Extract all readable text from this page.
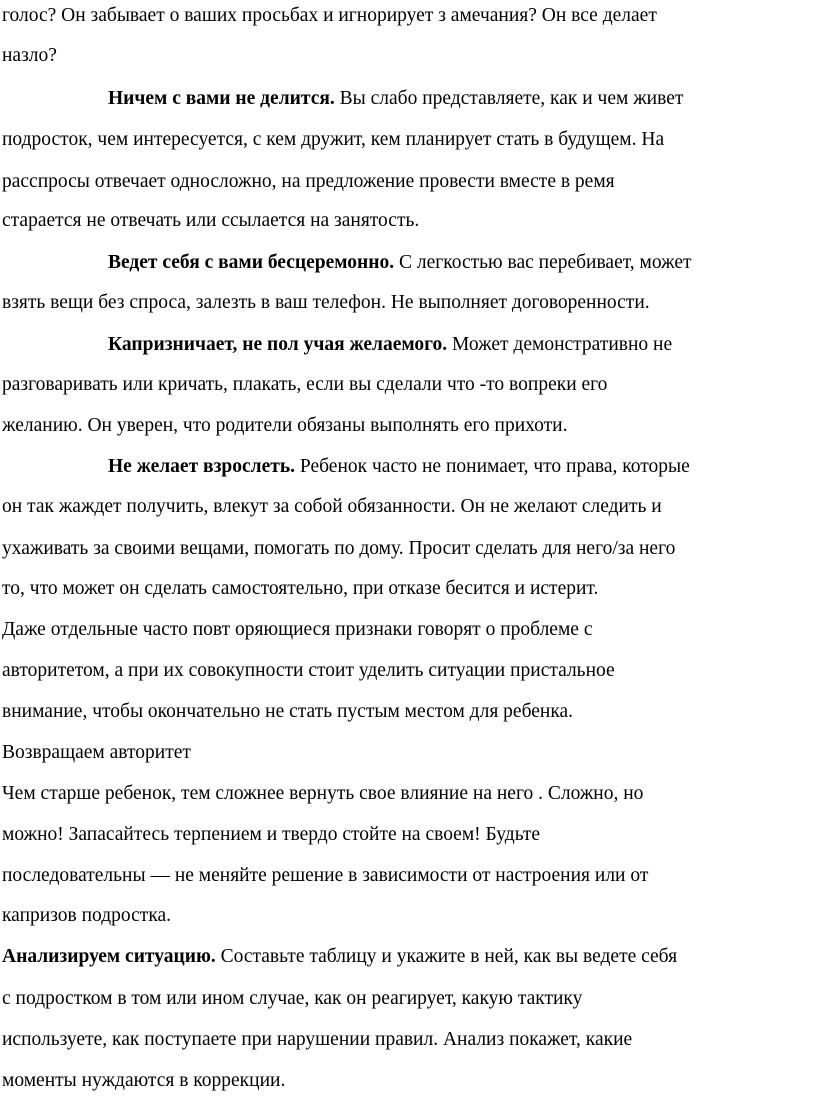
голос? Он забывает о ваших просьбах и игнорирует з амечания? Он все делает
назло?
Ничем с вами не делится. Вы слабо представляете, как и чем живет
подросток, чем интересуется, с кем дружит, кем планирует стать в будущем. На
расспросы отвечает односложно, на предложение провести вместе в ремя
старается не отвечать или ссылается на занятость.
Ведет себя с вами бесцеремонно. С легкостью вас перебивает, может
взять вещи без спроса, залезть в ваш телефон. Не выполняет договоренности.
Капризничает, не пол учая желаемого. Может демонстративно не
разговаривать или кричать, плакать, если вы сделали что -то вопреки его
желанию. Он уверен, что родители обязаны выполнять его прихоти.
Не желает взрослеть. Ребенок часто не понимает, что права, которые
он так жаждет получить, влекут за собой обязанности. Он не желают следить и
ухаживать за своими вещами, помогать по дому. Просит сделать для него/за него
то, что может он сделать самостоятельно, при отказе бесится и истерит.
Даже отдельные часто повт оряющиеся признаки говорят о проблеме с
авторитетом, а при их совокупности стоит уделить ситуации пристальное
внимание, чтобы окончательно не стать пустым местом для ребенка.
Возвращаем авторитет
Чем старше ребенок, тем сложнее вернуть свое влияние на него . Сложно, но
можно! Запасайтесь терпением и твердо стойте на своем! Будьте
последовательны — не меняйте решение в зависимости от настроения или от
капризов подростка.
Анализируем ситуацию. Составьте таблицу и укажите в ней, как вы ведете себя
с подростком в том или ином случае, как он реагирует, какую тактику
используете, как поступаете при нарушении правил. Анализ покажет, какие
моменты нуждаются в коррекции.
